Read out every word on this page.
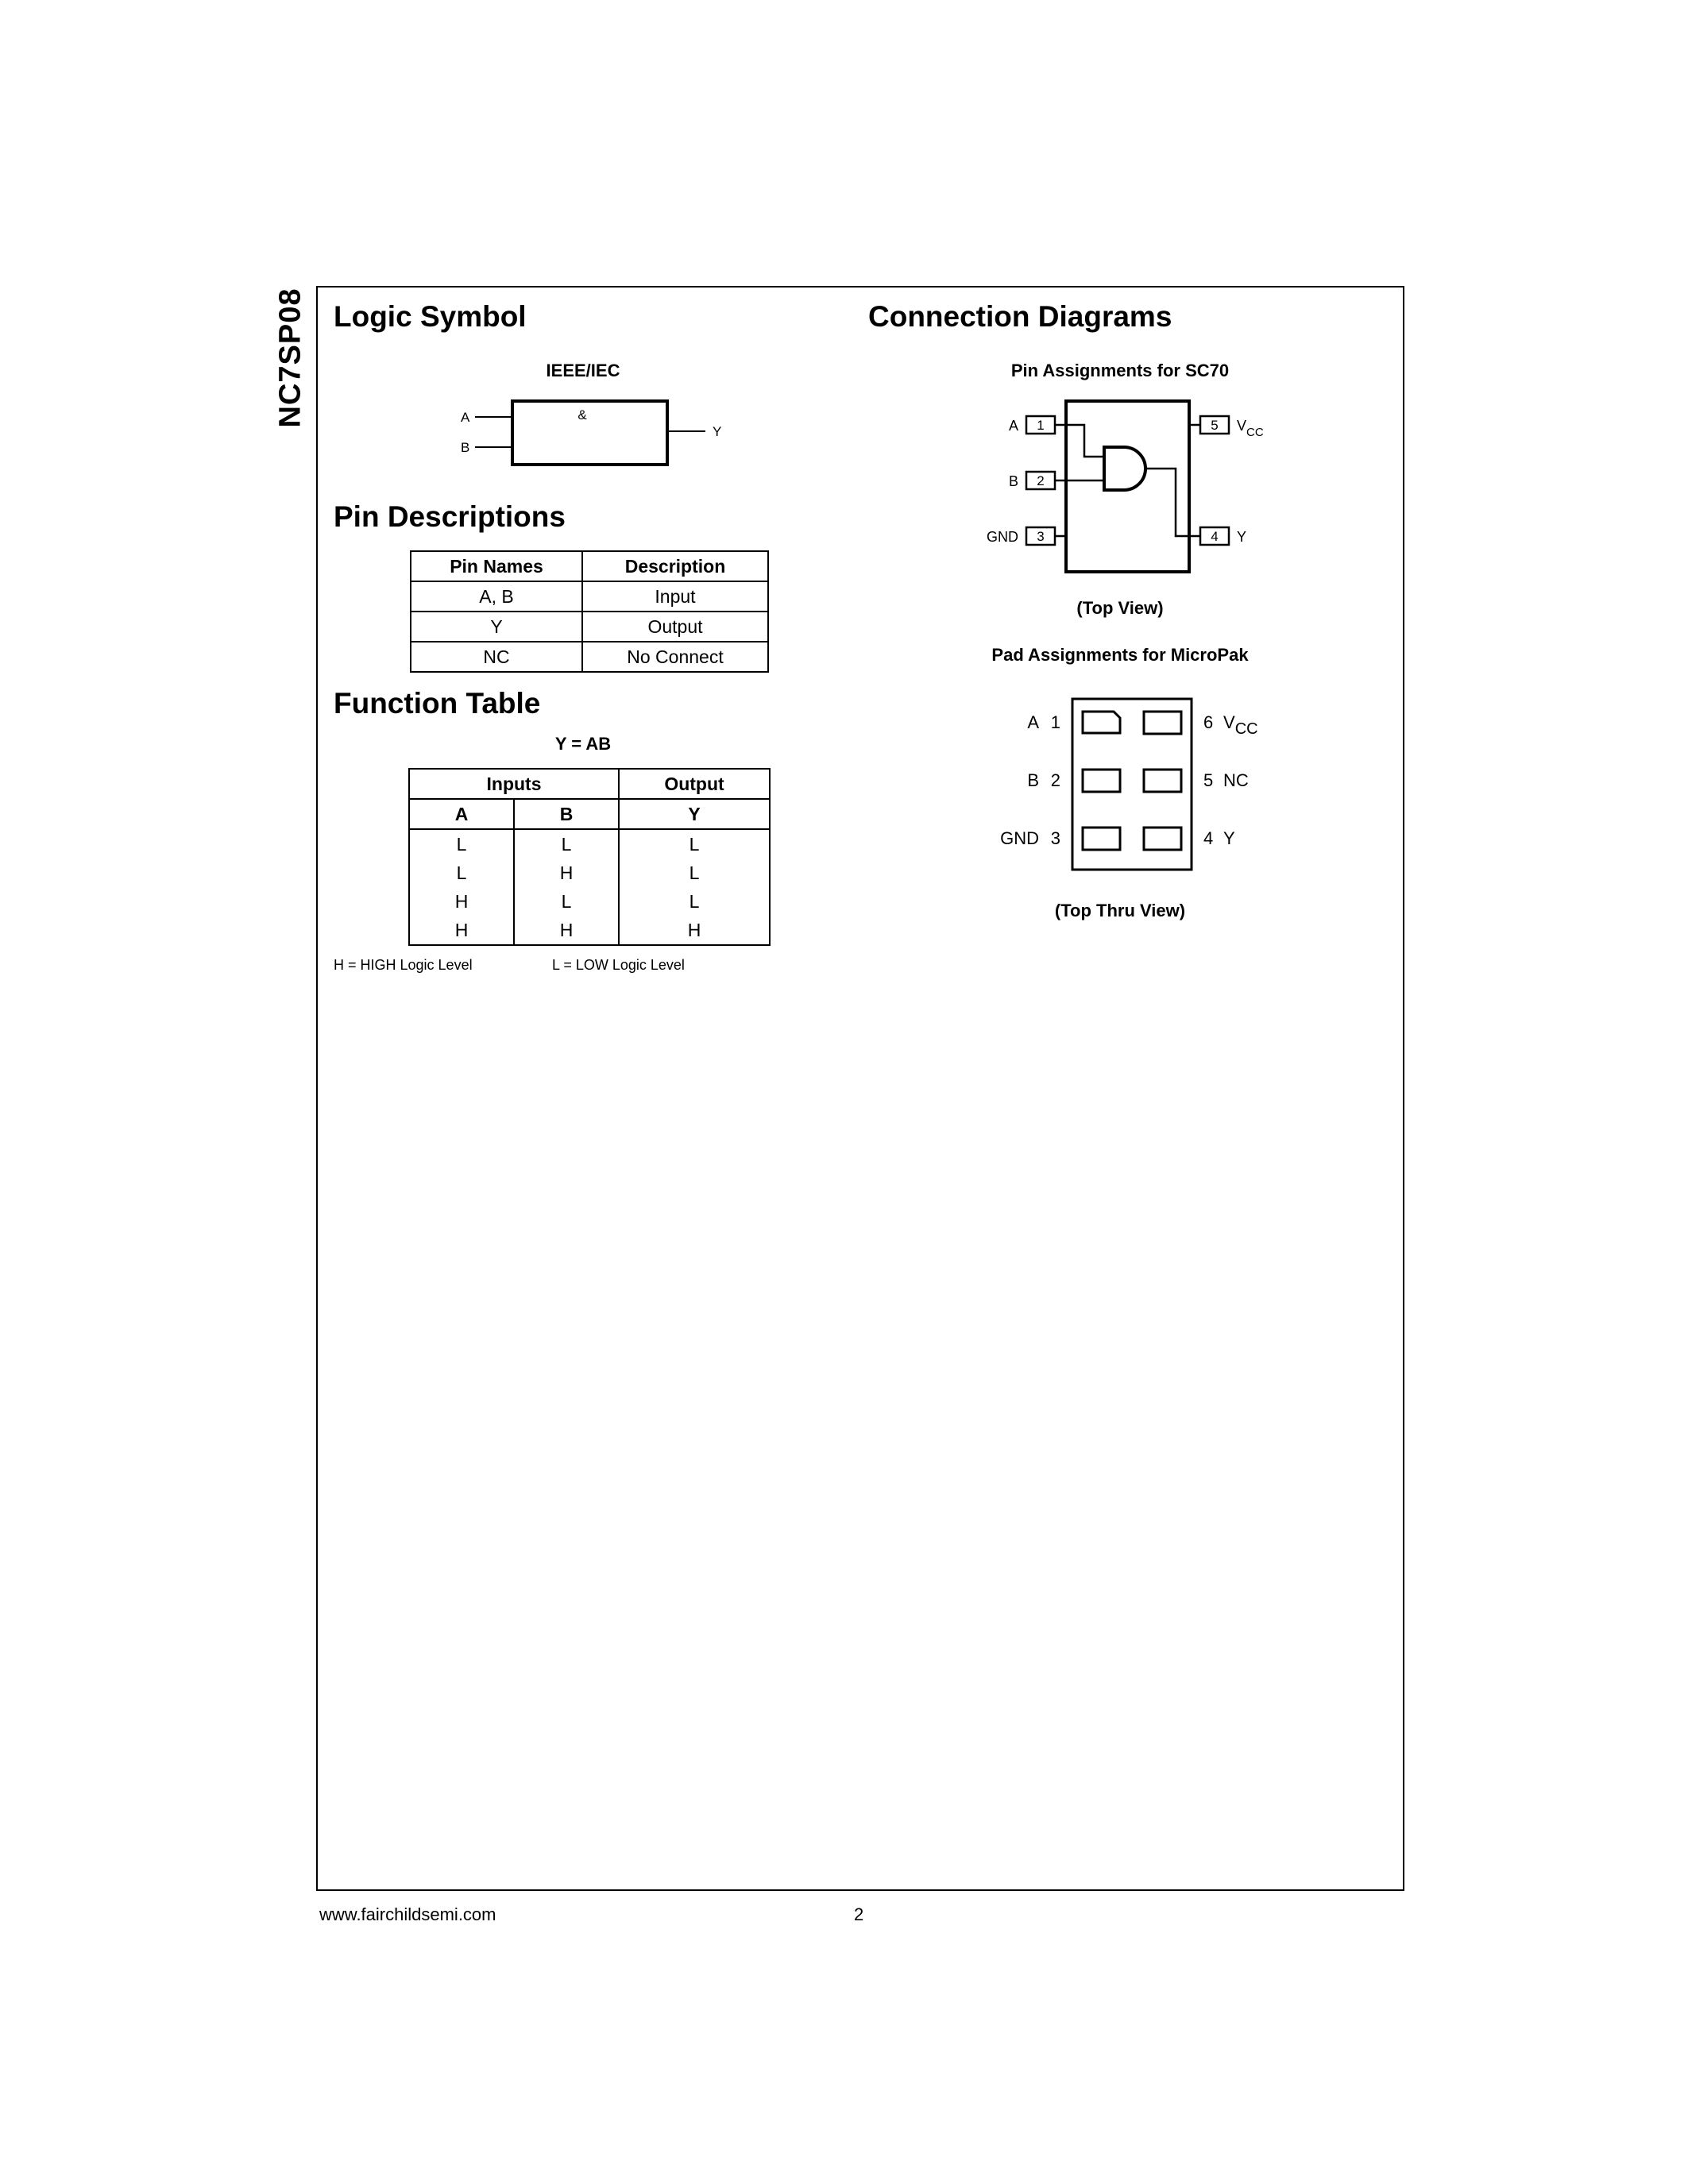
NC7SP08 Logic Symbol
IEEE/IEC
A
B
Y
&
Pin Descriptions
Pin Names	Description
A, B	Input
Y	Output
NC	No Connect
Function Table
Y = AB
Inputs		Output
A	B	Y
L	L	L
L	H	L
H	L	L
H	H	H
H = HIGH Logic Level	L = LOW Logic Level
Connection Diagrams
Pin Assignments for SC70
1
A
2
B
3
GND	4 Y
5 $V_{CC}$
(Top View)
Pad Assignments for MicroPak
A 1
B 2
GND 3
6 VCC
5 NC
4 Y
(Top Thru View)
www.fairchildsemi.com	2
